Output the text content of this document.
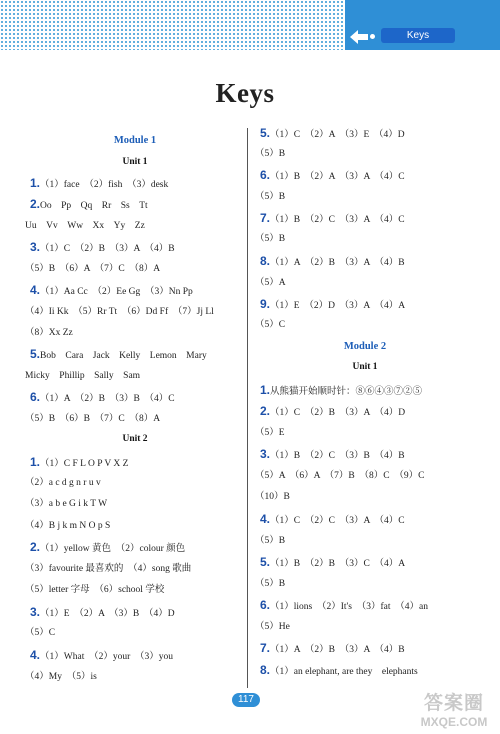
Keys
Keys
Module 1
Unit 1
1.（1）face　（2）fish　（3）desk
2.Oo　Pp　Qq　Rr　Ss　Tt
Uu　Vv　Ww　Xx　Yy　Zz
3.（1）C　（2）B　（3）A　（4）B
（5）B　（6）A　（7）C　（8）A
4.（1）Aa Cc　（2）Ee Gg　（3）Nn Pp
（4）Ii Kk　（5）Rr Tt　（6）Dd Ff　（7）Jj Ll
（8）Xx Zz
5.Bob　Cara　Jack　Kelly　Lemon　Mary
Micky　Phillip　Sally　Sam
6.（1）A　（2）B　（3）B　（4）C
（5）B　（6）B　（7）C　（8）A
Unit 2
1.（1）C F L O P V X Z
（2）a c d g n r u v
（3）a b e G i k T W
（4）B j k m N O p S
2.（1）yellow 黄色　（2）colour 颜色
（3）favourite 最喜欢的　（4）song 歌曲
（5）letter 字母　（6）school 学校
3.（1）E　（2）A　（3）B　（4）D
（5）C
4.（1）What　（2）your　（3）you
（4）My　（5）is
5.（1）C　（2）A　（3）E　（4）D
（5）B
6.（1）B　（2）A　（3）A　（4）C
（5）B
7.（1）B　（2）C　（3）A　（4）C
（5）B
8.（1）A　（2）B　（3）A　（4）B
（5）A
9.（1）E　（2）D　（3）A　（4）A
（5）C
Module 2
Unit 1
1.从熊猫开始顺时针：⑧⑥④③⑦②⑤
2.（1）C　（2）B　（3）A　（4）D
（5）E
3.（1）B　（2）C　（3）B　（4）B
（5）A　（6）A　（7）B　（8）C　（9）C
（10）B
4.（1）C　（2）C　（3）A　（4）C
（5）B
5.（1）B　（2）B　（3）C　（4）A
（5）B
6.（1）lions　（2）It's　（3）fat　（4）an
（5）He
7.（1）A　（2）B　（3）A　（4）B
8.（1）an elephant, are they　elephants
117	答案圈
MXQE.COM
